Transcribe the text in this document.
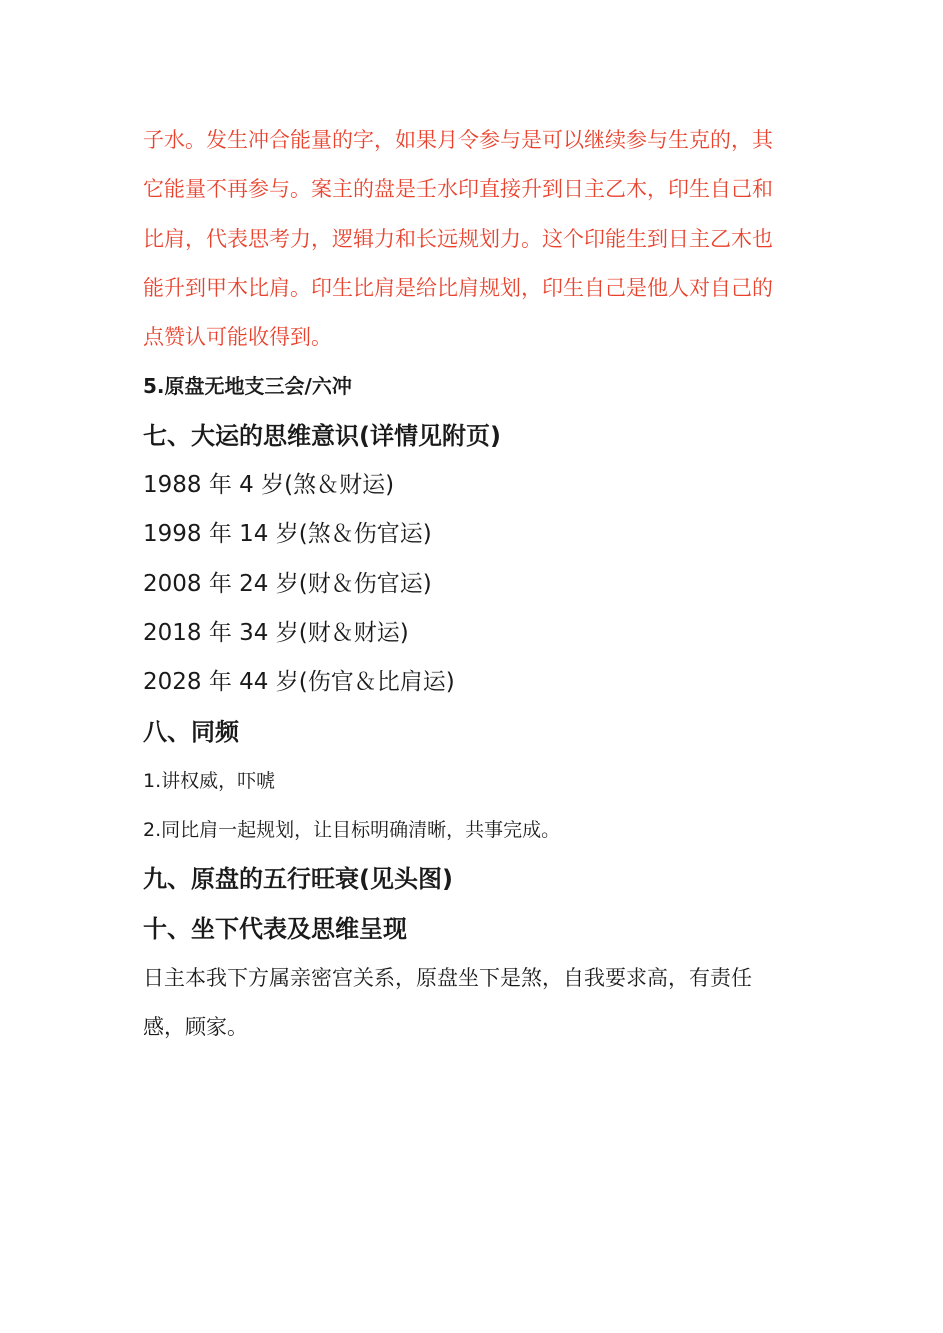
子水。发生冲合能量的字，如果月令参与是可以继续参与生克的，其

它能量不再参与。案主的盘是壬水印直接升到日主乙木，印生自己和

比肩，代表思考力，逻辑力和长远规划力。这个印能生到日主乙木也

能升到甲木比肩。印生比肩是给比肩规划，印生自己是他人对自己的

点赞认可能收得到。

5.原盘无地支三会/六冲

七、大运的思维意识(详情见附页)

1988 年 4 岁(煞＆财运)

1998 年 14 岁(煞＆伤官运)

2008 年 24 岁(财＆伤官运)

2018 年 34 岁(财＆财运)

2028 年 44 岁(伤官＆比肩运)

八、同频

1.讲权威，吓唬

2.同比肩一起规划，让目标明确清晰，共事完成。

九、原盘的五行旺衰(见头图)

十、坐下代表及思维呈现

日主本我下方属亲密宫关系，原盘坐下是煞，自我要求高，有责任

感，顾家。
